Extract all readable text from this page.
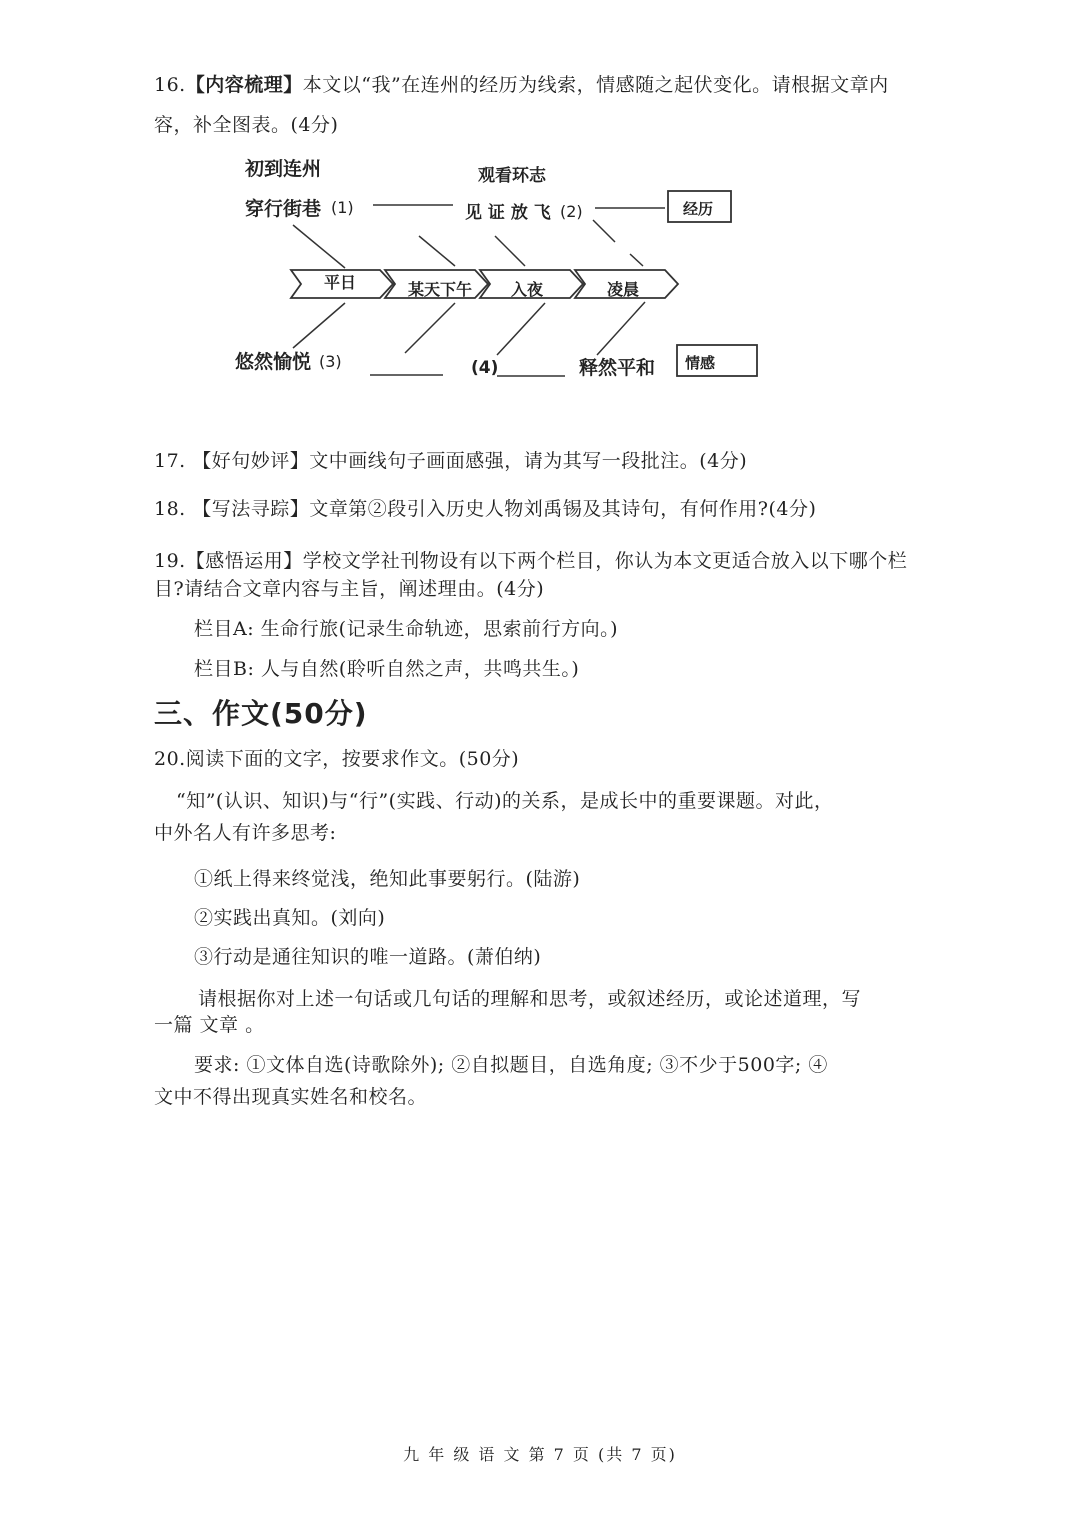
16.【内容梳理】本文以“我”在连州的经历为线索，情感随之起伏变化。请根据文章内
容，补全图表。(4分)
初到连州
穿行街巷 (1)
观看环志
见 证 放 飞 (2)	经历
平日	某天下午 入夜	凌晨
悠然愉悦 (3)	(4)	释然平和 情感
17. 【好句妙评】文中画线句子画面感强，请为其写一段批注。(4分)
18. 【写法寻踪】文章第②段引入历史人物刘禹锡及其诗句，有何作用?(4分)
19.【感悟运用】学校文学社刊物设有以下两个栏目，你认为本文更适合放入以下哪个栏
目?请结合文章内容与主旨，阐述理由。(4分)
栏目A: 生命行旅(记录生命轨迹，思索前行方向。)
栏目B: 人与自然(聆听自然之声，共鸣共生。)
三、作文(50分)
20.阅读下面的文字，按要求作文。(50分)
“知”(认识、知识)与“行”(实践、行动)的关系，是成长中的重要课题。对此，
中外名人有许多思考:
①纸上得来终觉浅，绝知此事要躬行。(陆游)
②实践出真知。(刘向)
③行动是通往知识的唯一道路。(萧伯纳)
请根据你对上述一句话或几句话的理解和思考，或叙述经历，或论述道理，写
一篇 文章 。
要求: ①文体自选(诗歌除外); ②自拟题目，自选角度; ③不少于500字; ④
文中不得出现真实姓名和校名。
九 年 级 语 文 第 7 页 (共 7 页)
